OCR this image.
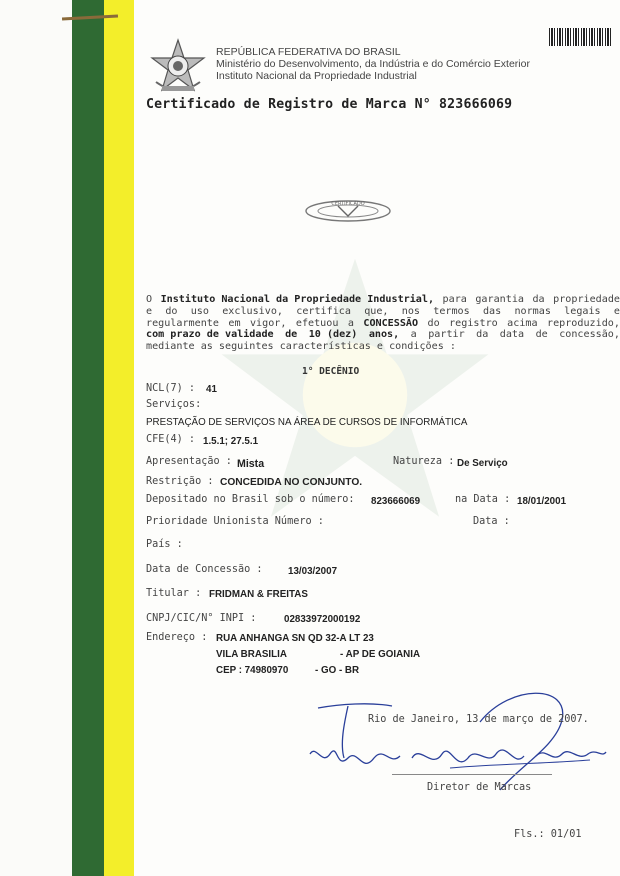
REPÚBLICA FEDERATIVA DO BRASIL
Ministério do Desenvolvimento, da Indústria e do Comércio Exterior
Instituto Nacional da Propriedade Industrial
Certificado de Registro de Marca N° 823666069
CERTIFICADO
O Instituto Nacional da Propriedade Industrial, para garantia da propriedade
e do uso exclusivo, certifica que, nos termos das normas legais e
regularmente em vigor, efetuou a CONCESSÃO do registro acima reproduzido,
com prazo de validade de 10 (dez) anos, a partir da data de concessão,
mediante as seguintes características e condições :
1° DECÊNIO
NCL(7) : 41
Serviços:
PRESTAÇÃO DE SERVIÇOS NA ÁREA DE CURSOS DE INFORMÁTICA
CFE(4) : 1.5.1; 27.5.1
Apresentação : Mista	Natureza : De Serviço
Restrição : CONCEDIDA NO CONJUNTO.
Depositado no Brasil sob o número: 823666069	na Data : 18/01/2001
Prioridade Unionista Número :	Data :
País :
Data de Concessão :	13/03/2007
Titular : FRIDMAN & FREITAS
CNPJ/CIC/N° INPI :	02833972000192
Endereço : RUA ANHANGA SN QD 32-A LT 23
VILA BRASILIA	- AP DE GOIANIA
CEP : 74980970	- GO - BR
Rio de Janeiro, 13 de março de 2007.
Diretor de Marcas
Fls.: 01/01
